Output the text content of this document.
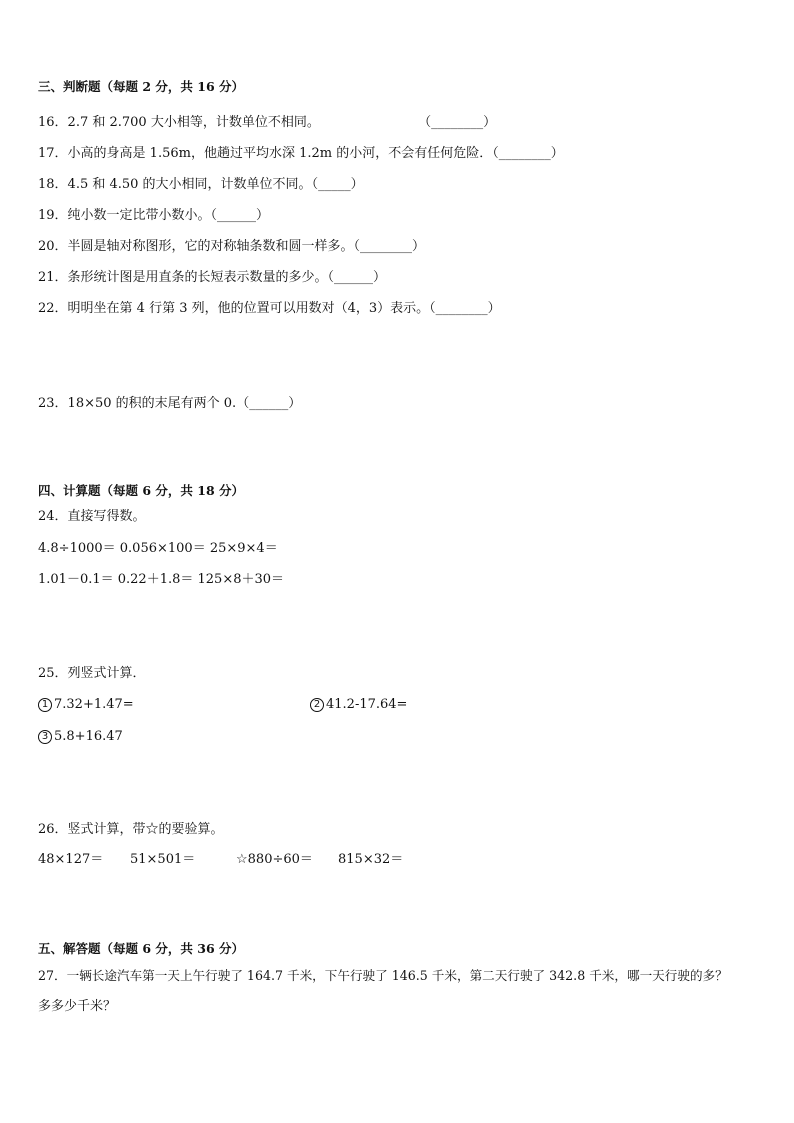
三、判断题（每题 2 分，共 16 分）
16．2.7 和 2.700 大小相等，计数单位不相同。	（________）
17．小高的身高是 1.56m，他趟过平均水深 1.2m 的小河，不会有任何危险．（________）
18．4.5 和 4.50 的大小相同，计数单位不同。（_____）
19．纯小数一定比带小数小。（______）
20．半圆是轴对称图形，它的对称轴条数和圆一样多。（________）
21．条形统计图是用直条的长短表示数量的多少。（______）
22．明明坐在第 4 行第 3 列，他的位置可以用数对（4，3）表示。（________）
23．18×50 的积的末尾有两个 0.（______）
四、计算题（每题 6 分，共 18 分）
24．直接写得数。
4.8÷1000＝ 0.056×100＝ 25×9×4＝
1.01－0.1＝ 0.22＋1.8＝ 125×8＋30＝
25．列竖式计算．
1 7.32+1.47=	2 41.2-17.64=
3 5.8+16.47
26．竖式计算，带☆的要验算。
48×127＝ 51×501＝	☆880÷60＝ 815×32＝
五、解答题（每题 6 分，共 36 分）
27．一辆长途汽车第一天上午行驶了 164.7 千米，下午行驶了 146.5 千米，第二天行驶了 342.8 千米，哪一天行驶的多？
多多少千米？
